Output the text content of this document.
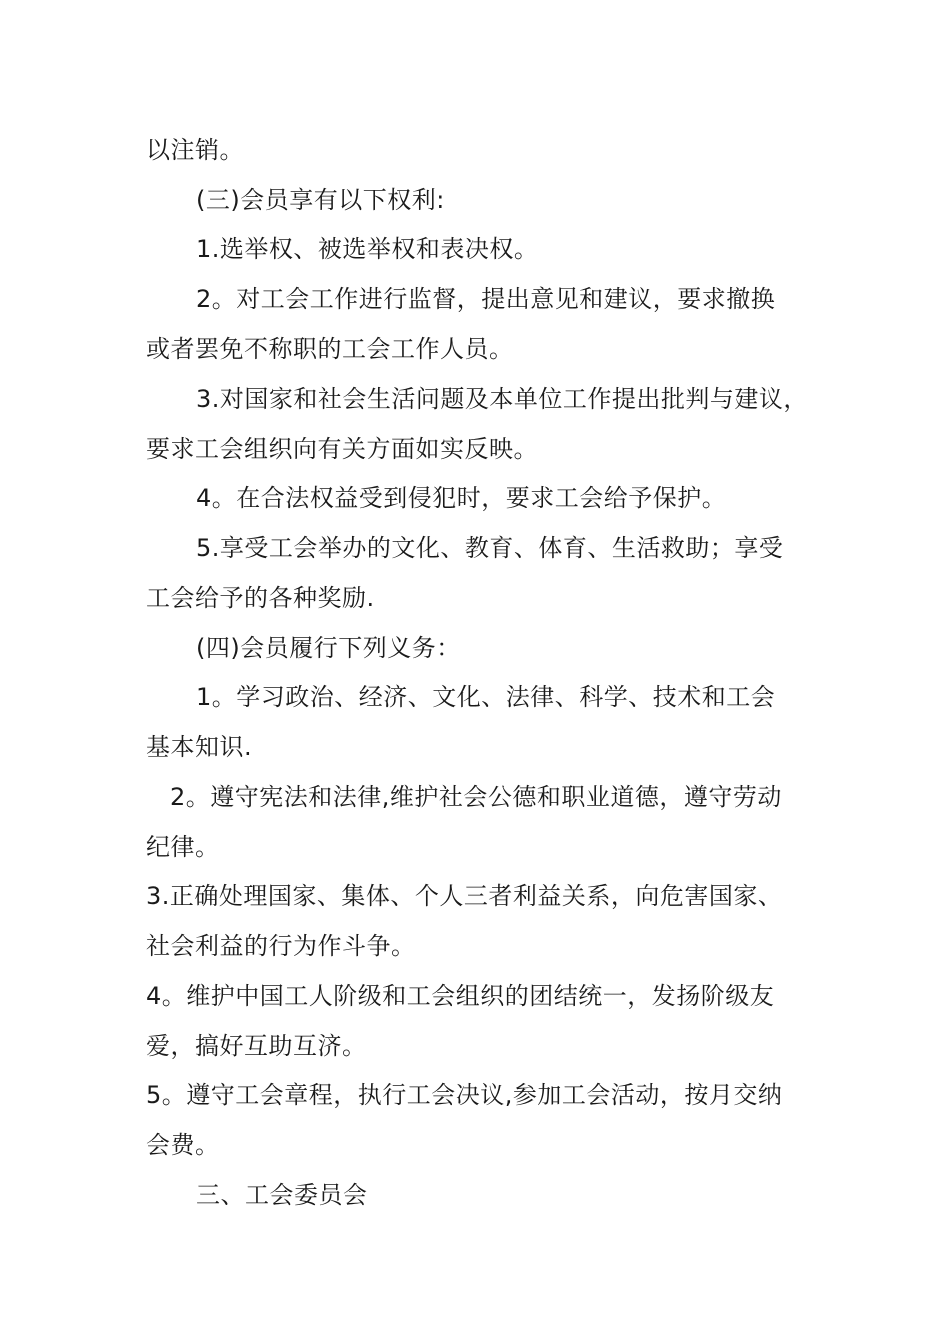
以注销。
(三)会员享有以下权利:
1.选举权、被选举权和表决权。
2。对工会工作进行监督，提出意见和建议，要求撤换
或者罢免不称职的工会工作人员。
3.对国家和社会生活问题及本单位工作提出批判与建议，
要求工会组织向有关方面如实反映。
4。在合法权益受到侵犯时，要求工会给予保护。
5.享受工会举办的文化、教育、体育、生活救助；享受
工会给予的各种奖励.
(四)会员履行下列义务：
1。学习政治、经济、文化、法律、科学、技术和工会
基本知识.
2。遵守宪法和法律,维护社会公德和职业道德，遵守劳动
纪律。
3.正确处理国家、集体、个人三者利益关系，向危害国家、
社会利益的行为作斗争。
4。维护中国工人阶级和工会组织的团结统一，发扬阶级友
爱，搞好互助互济。
5。遵守工会章程，执行工会决议,参加工会活动，按月交纳
会费。
三、工会委员会
